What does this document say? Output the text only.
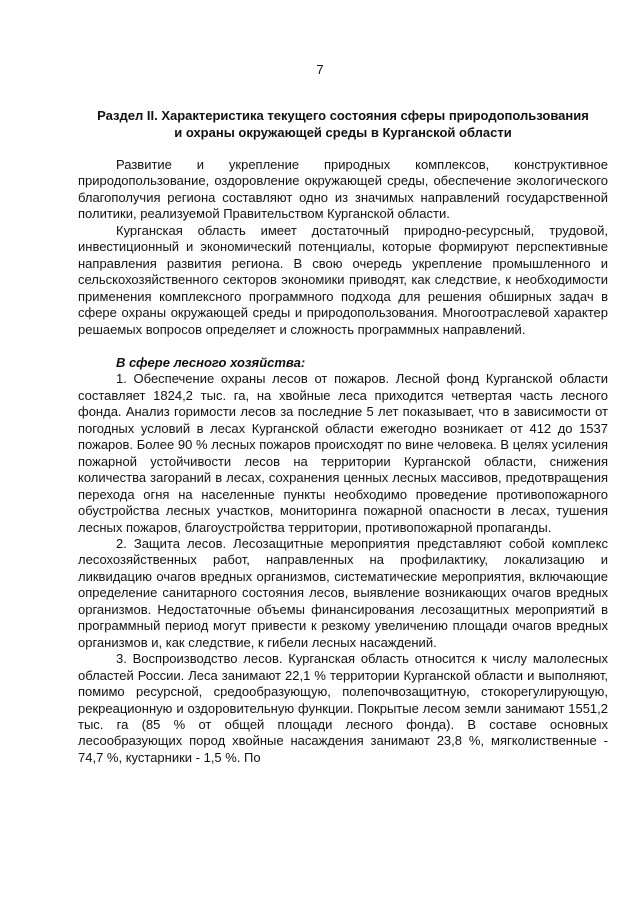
7
Раздел II. Характеристика текущего состояния сферы природопользования
и охраны окружающей среды в Курганской области

Развитие и укрепление природных комплексов, конструктивное природопользование, оздоровление окружающей среды, обеспечение экологического благополучия региона составляют одно из значимых направлений государственной политики, реализуемой Правительством Курганской области.

Курганская область имеет достаточный природно-ресурсный, трудовой, инвестиционный и экономический потенциалы, которые формируют перспективные направления развития региона. В свою очередь укрепление промышленного и сельскохозяйственного секторов экономики приводят, как следствие, к необходимости применения комплексного программного подхода для решения обширных задач в сфере охраны окружающей среды и природопользования. Многоотраслевой характер решаемых вопросов определяет и сложность программных направлений.

В сфере лесного хозяйства:

1. Обеспечение охраны лесов от пожаров. Лесной фонд Курганской области составляет 1824,2 тыс. га, на хвойные леса приходится четвертая часть лесного фонда. Анализ горимости лесов за последние 5 лет показывает, что в зависимости от погодных условий в лесах Курганской области ежегодно возникает от 412 до 1537 пожаров. Более 90 % лесных пожаров происходят по вине человека. В целях усиления пожарной устойчивости лесов на территории Курганской области, снижения количества загораний в лесах, сохранения ценных лесных массивов, предотвращения перехода огня на населенные пункты необходимо проведение противопожарного обустройства лесных участков, мониторинга пожарной опасности в лесах, тушения лесных пожаров, благоустройства территории, противопожарной пропаганды.

2. Защита лесов. Лесозащитные мероприятия представляют собой комплекс лесохозяйственных работ, направленных на профилактику, локализацию и ликвидацию очагов вредных организмов, систематические мероприятия, включающие определение санитарного состояния лесов, выявление возникающих очагов вредных организмов. Недостаточные объемы финансирования лесозащитных мероприятий в программный период могут привести к резкому увеличению площади очагов вредных организмов и, как следствие, к гибели лесных насаждений.

3. Воспроизводство лесов. Курганская область относится к числу малолесных областей России. Леса занимают 22,1 % территории Курганской области и выполняют, помимо ресурсной, средообразующую, полепочвозащитную, стокорегулирующую, рекреационную и оздоровительную функции. Покрытые лесом земли занимают 1551,2 тыс. га (85 % от общей площади лесного фонда). В составе основных лесообразующих пород хвойные насаждения занимают 23,8 %, мягколиственные - 74,7 %, кустарники - 1,5 %. По
